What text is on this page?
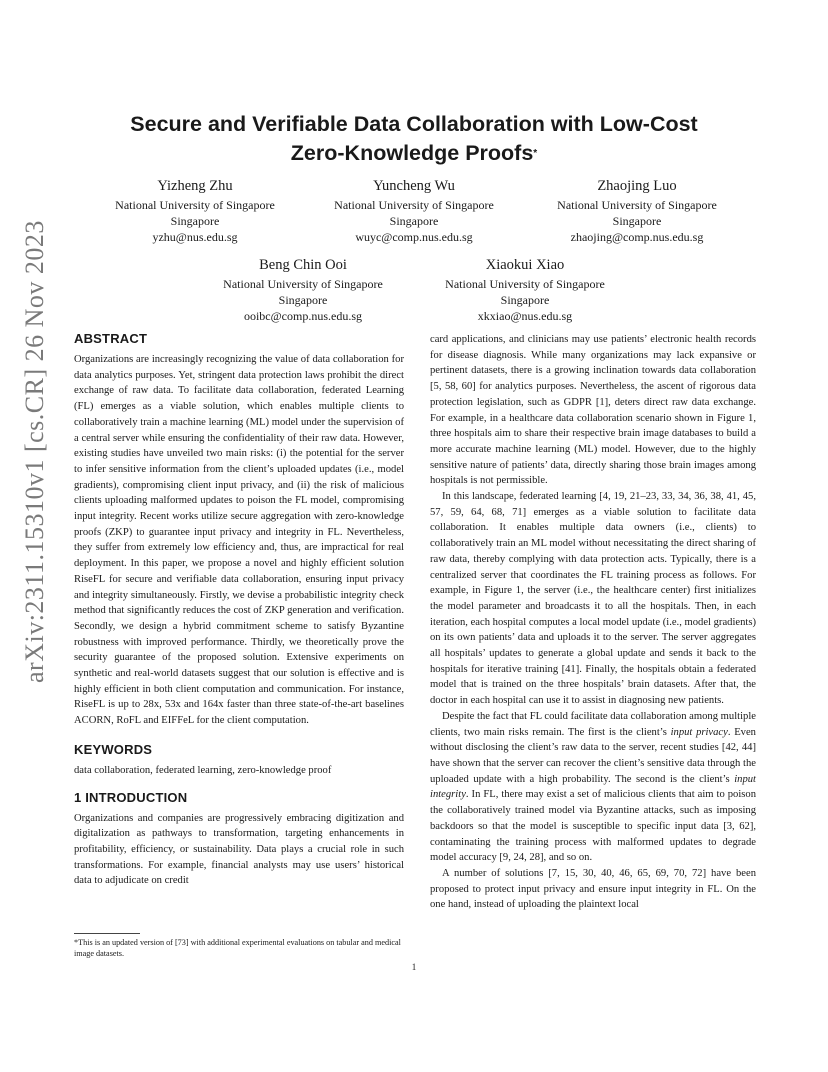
arXiv:2311.15310v1 [cs.CR] 26 Nov 2023
Secure and Verifiable Data Collaboration with Low-Cost
Zero-Knowledge Proofs*
Yizheng Zhu
National University of Singapore
Singapore
yzhu@nus.edu.sg
Yuncheng Wu
National University of Singapore
Singapore
wuyc@comp.nus.edu.sg
Zhaojing Luo
National University of Singapore
Singapore
zhaojing@comp.nus.edu.sg
Beng Chin Ooi
National University of Singapore
Singapore
ooibc@comp.nus.edu.sg
Xiaokui Xiao
National University of Singapore
Singapore
xkxiao@nus.edu.sg
ABSTRACT

Organizations are increasingly recognizing the value of data collaboration for data analytics purposes. Yet, stringent data protection laws prohibit the direct exchange of raw data. To facilitate data collaboration, federated Learning (FL) emerges as a viable solution, which enables multiple clients to collaboratively train a machine learning (ML) model under the supervision of a central server while ensuring the confidentiality of their raw data. However, existing studies have unveiled two main risks: (i) the potential for the server to infer sensitive information from the client’s uploaded updates (i.e., model gradients), compromising client input privacy, and (ii) the risk of malicious clients uploading malformed updates to poison the FL model, compromising input integrity. Recent works utilize secure aggregation with zero-knowledge proofs (ZKP) to guarantee input privacy and integrity in FL. Nevertheless, they suffer from extremely low efficiency and, thus, are impractical for real deployment. In this paper, we propose a novel and highly efficient solution RiseFL for secure and verifiable data collaboration, ensuring input privacy and integrity simultaneously. Firstly, we devise a probabilistic integrity check method that significantly reduces the cost of ZKP generation and verification. Secondly, we design a hybrid commitment scheme to satisfy Byzantine robustness with improved performance. Thirdly, we theoretically prove the security guarantee of the proposed solution. Extensive experiments on synthetic and real-world datasets suggest that our solution is effective and is highly efficient in both client computation and communication. For instance, RiseFL is up to 28x, 53x and 164x faster than three state-of-the-art baselines ACORN, RoFL and EIFFeL for the client computation.

KEYWORDS

data collaboration, federated learning, zero-knowledge proof

1 INTRODUCTION

Organizations and companies are progressively embracing digitization and digitalization as pathways to transformation, targeting enhancements in profitability, efficiency, or sustainability. Data plays a crucial role in such transformations. For example, financial analysts may use users’ historical data to adjudicate on credit

*This is an updated version of [73] with additional experimental evaluations on tabular and medical image datasets.

card applications, and clinicians may use patients’ electronic health records for disease diagnosis. While many organizations may lack expansive or pertinent datasets, there is a growing inclination towards data collaboration [5, 58, 60] for analytics purposes. Nevertheless, the ascent of rigorous data protection legislation, such as GDPR [1], deters direct raw data exchange. For example, in a healthcare data collaboration scenario shown in Figure 1, three hospitals aim to share their respective brain image databases to build a more accurate machine learning (ML) model. However, due to the highly sensitive nature of patients’ data, directly sharing those brain images among hospitals is not permissible.

In this landscape, federated learning [4, 19, 21–23, 33, 34, 36, 38, 41, 45, 57, 59, 64, 68, 71] emerges as a viable solution to facilitate data collaboration. It enables multiple data owners (i.e., clients) to collaboratively train an ML model without necessitating the direct sharing of raw data, thereby complying with data protection acts. Typically, there is a centralized server that coordinates the FL training process as follows. For example, in Figure 1, the server (i.e., the healthcare center) first initializes the model parameter and broadcasts it to all the hospitals. Then, in each iteration, each hospital computes a local model update (i.e., model gradients) on its own patients’ data and uploads it to the server. The server aggregates all hospitals’ updates to generate a global update and sends it back to the hospitals for iterative training [41]. Finally, the hospitals obtain a federated model that is trained on the three hospitals’ brain datasets. After that, the doctor in each hospital can use it to assist in diagnosing new patients.

Despite the fact that FL could facilitate data collaboration among multiple clients, two main risks remain. The first is the client’s input privacy. Even without disclosing the client’s raw data to the server, recent studies [42, 44] have shown that the server can recover the client’s sensitive data through the uploaded update with a high probability. The second is the client’s input integrity. In FL, there may exist a set of malicious clients that aim to poison the collaboratively trained model via Byzantine attacks, such as imposing backdoors so that the model is susceptible to specific input data [3, 62], contaminating the training process with malformed updates to degrade model accuracy [9, 24, 28], and so on.

A number of solutions [7, 15, 30, 40, 46, 65, 69, 70, 72] have been proposed to protect input privacy and ensure input integrity in FL. On the one hand, instead of uploading the plaintext local

1
